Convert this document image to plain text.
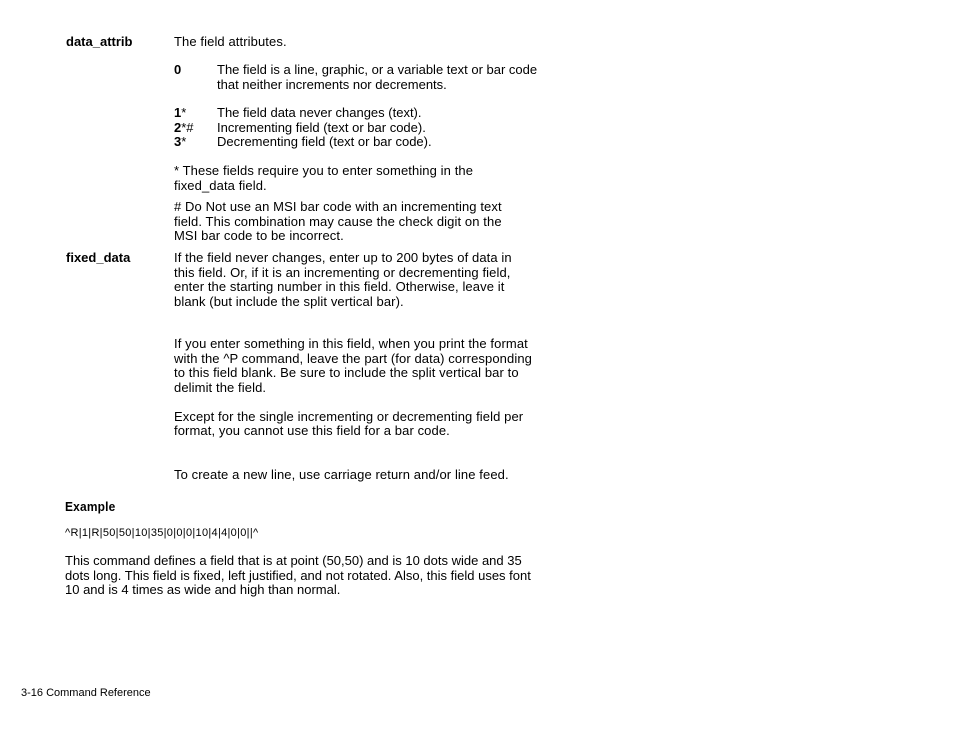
data_attrib	The field attributes.
0	The field is a line, graphic, or a variable text or bar code that neither increments nor decrements.
1*	The field data never changes (text).
2*#	Incrementing field (text or bar code).
3*	Decrementing field (text or bar code).
* These fields require you to enter something in the fixed_data field.
# Do Not use an MSI bar code with an incrementing text field. This combination may cause the check digit on the MSI bar code to be incorrect.
fixed_data	If the field never changes, enter up to 200 bytes of data in this field. Or, if it is an incrementing or decrementing field, enter the starting number in this field. Otherwise, leave it blank (but include the split vertical bar).
If you enter something in this field, when you print the format with the ^P command, leave the part (for data) corresponding to this field blank. Be sure to include the split vertical bar to delimit the field.
Except for the single incrementing or decrementing field per format, you cannot use this field for a bar code.
To create a new line, use carriage return and/or line feed.
Example
^R|1|R|50|50|10|35|0|0|0|10|4|4|0|0||^
This command defines a field that is at point (50,50) and is 10 dots wide and 35 dots long. This field is fixed, left justified, and not rotated. Also, this field uses font 10 and is 4 times as wide and high than normal.
3-16 Command Reference
